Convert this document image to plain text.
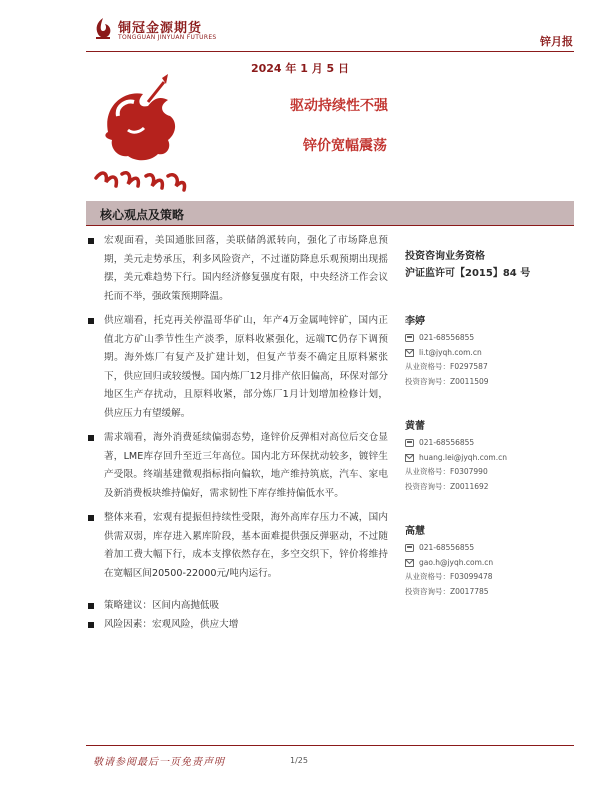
铜冠金源期货
TONGGUAN JINYUAN FUTURES	锌月报
2024 年 1 月 5 日
驱动持续性不强
锌价宽幅震荡
核心观点及策略

宏观面看，美国通胀回落，美联储鸽派转向，强化了市场降息预期，美元走势承压，利多风险资产，不过谨防降息乐观预期出现摇摆，美元难趋势下行。国内经济修复强度有限，中央经济工作会议托而不举，强政策预期降温。

供应端看，托克再关停温哥华矿山，年产4万金属吨锌矿，国内正值北方矿山季节性生产淡季，原料收紧强化，远端TC仍存下调预期。海外炼厂有复产及扩建计划，但复产节奏不确定且原料紧张下，供应回归或较缓慢。国内炼厂12月排产依旧偏高，环保对部分地区生产存扰动，且原料收紧，部分炼厂1月计划增加检修计划，供应压力有望缓解。

需求端看，海外消费延续偏弱态势，逢锌价反弹相对高位后交仓显著，LME库存回升至近三年高位。国内北方环保扰动较多，镀锌生产受限。终端基建微观指标指向偏软，地产维持筑底，汽车、家电及新消费板块维持偏好，需求韧性下库存维持偏低水平。

整体来看，宏观有提振但持续性受限，海外高库存压力不减，国内供需双弱，库存进入累库阶段，基本面难提供强反弹驱动，不过随着加工费大幅下行，成本支撑依然存在，多空交织下，锌价将维持在宽幅区间20500-22000元/吨内运行。

策略建议：区间内高抛低吸

风险因素：宏观风险，供应大增

投资咨询业务资格
沪证监许可【2015】84 号
李婷
021-68556855
li.t@jyqh.com.cn
从业资格号：F0297587
投资咨询号：Z0011509
黄蕾
021-68556855
huang.lei@jyqh.com.cn
从业资格号：F0307990
投资咨询号：Z0011692
高慧
021-68556855
gao.h@jyqh.com.cn
从业资格号：F03099478
投资咨询号：Z0017785
敬请参阅最后一页免责声明	1/25
